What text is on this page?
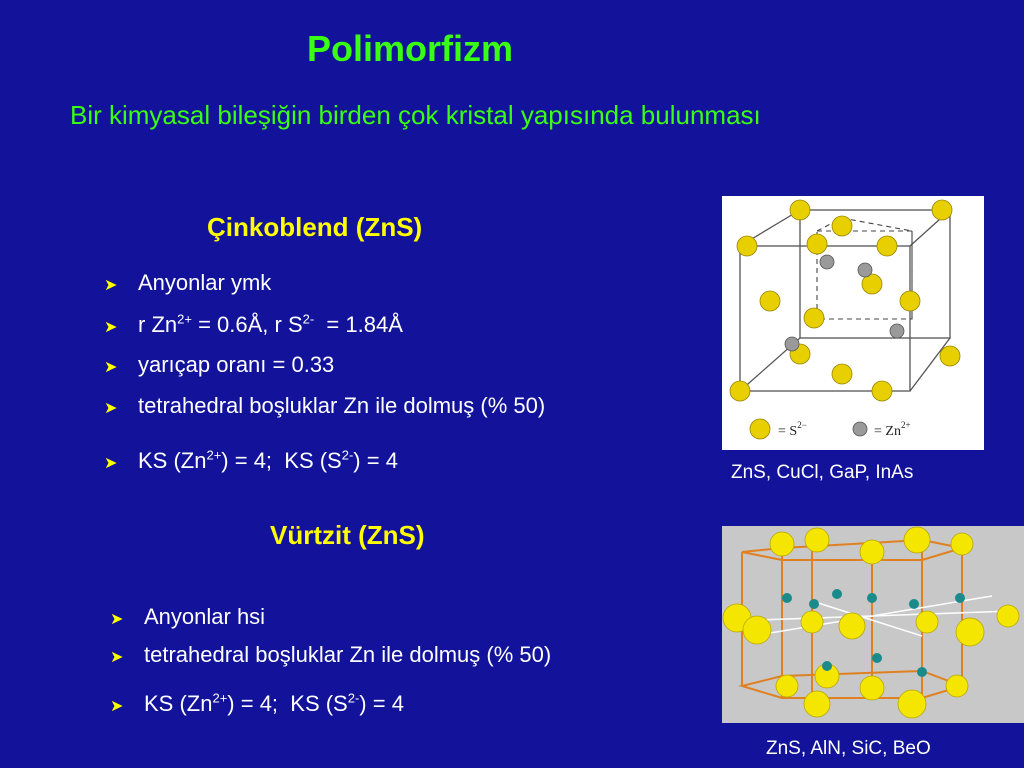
Polimorfizm
Bir kimyasal bileşiğin birden çok kristal yapısında bulunması
Çinkoblend (ZnS)
➤ Anyonlar ymk
➤ r $Zn^{2+}$ = 0.6Å, r $S^{2-}$  = 1.84Å
➤ yarıçap oranı = 0.33
➤ tetrahedral boşluklar Zn ile dolmuş (% 50)
➤ KS $(Zn^{2+}) = 4$;  KS $(S^{2-}) = 4$
= $S^{2-}$	= $Zn^{2+}$
ZnS, CuCl, GaP, InAs
Vürtzit (ZnS)
➤ Anyonlar hsi
➤ tetrahedral boşluklar Zn ile dolmuş (% 50)
➤ KS $(Zn^{2+}) = 4$;  KS $(S^{2-}) = 4$
ZnS, AlN, SiC, BeO
